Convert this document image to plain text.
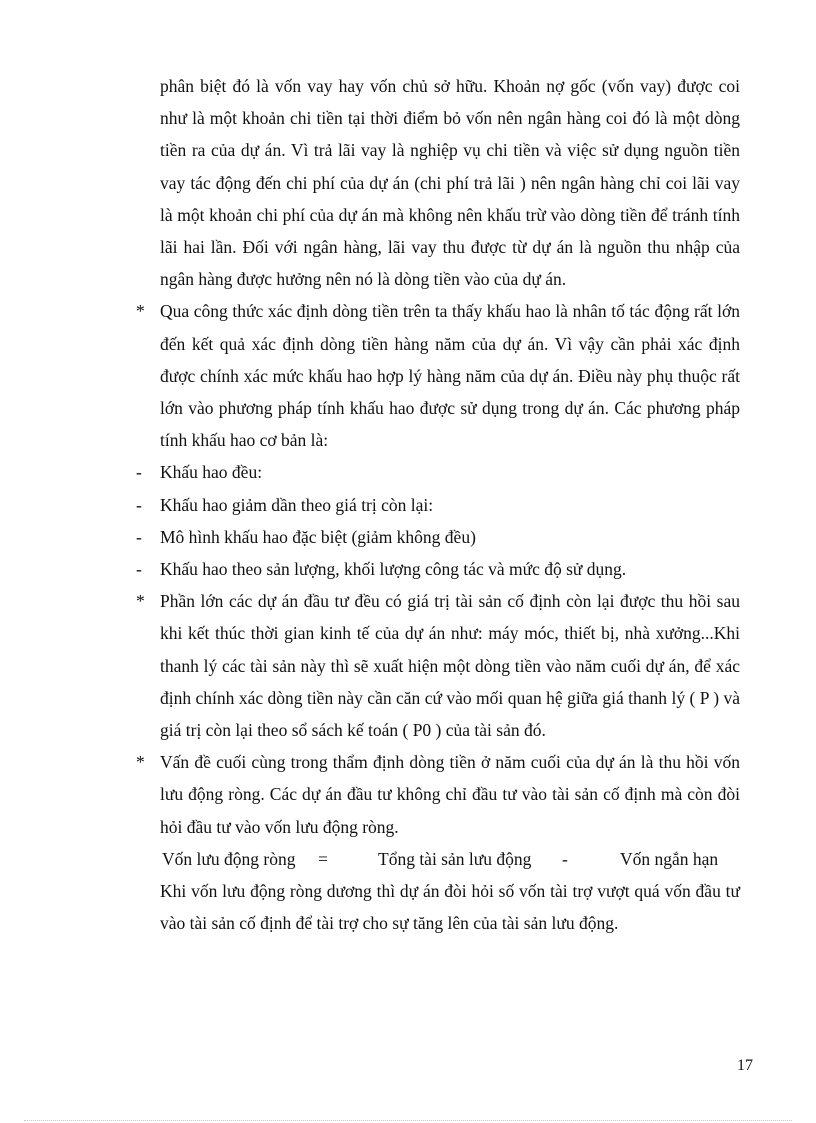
phân biệt đó là vốn vay hay vốn chủ sở hữu. Khoản nợ gốc (vốn vay) được coi như là một khoản chi tiền tại thời điểm bỏ vốn nên ngân hàng coi đó là một dòng tiền ra của dự án. Vì trả lãi vay là nghiệp vụ chi tiền và việc sử dụng nguồn tiền vay tác động đến chi phí của dự án (chi phí trả lãi ) nên ngân hàng chỉ coi lãi vay là một khoản chi phí của dự án mà không nên khấu trừ vào dòng tiền để tránh tính lãi hai lần. Đối với ngân hàng, lãi vay thu được từ dự án là nguồn thu nhập của ngân hàng được hưởng nên nó là dòng tiền vào của dự án.

* Qua công thức xác định dòng tiền trên ta thấy khấu hao là nhân tố tác động rất lớn đến kết quả xác định dòng tiền hàng năm của dự án. Vì vậy cần phải xác định được chính xác mức khấu hao hợp lý hàng năm của dự án. Điều này phụ thuộc rất lớn vào phương pháp tính khấu hao được sử dụng trong dự án. Các phương pháp tính khấu hao cơ bản là:
-	Khấu hao đều:
-	Khấu hao giảm dần theo giá trị còn lại:
-	Mô hình khấu hao đặc biệt (giảm không đều)
-	Khấu hao theo sản lượng, khối lượng công tác và mức độ sử dụng.
* Phần lớn các dự án đầu tư đều có giá trị tài sản cố định còn lại được thu hồi sau khi kết thúc thời gian kinh tế của dự án như: máy móc, thiết bị, nhà xưởng...Khi thanh lý các tài sản này thì sẽ xuất hiện một dòng tiền vào năm cuối dự án, để xác định chính xác dòng tiền này cần căn cứ vào mối quan hệ giữa giá thanh lý ( P ) và giá trị còn lại theo sổ sách kế toán ( P0 ) của tài sản đó.
* Vấn đề cuối cùng trong thẩm định dòng tiền ở năm cuối của dự án là thu hồi vốn lưu động ròng. Các dự án đầu tư không chỉ đầu tư vào tài sản cố định mà còn đòi hỏi đầu tư vào vốn lưu động ròng.
Vốn lưu động ròng =	Tổng tài sản lưu động -	Vốn ngắn hạn

Khi vốn lưu động ròng dương thì dự án đòi hỏi số vốn tài trợ vượt quá vốn đầu tư vào tài sản cố định để tài trợ cho sự tăng lên của tài sản lưu động.

17
